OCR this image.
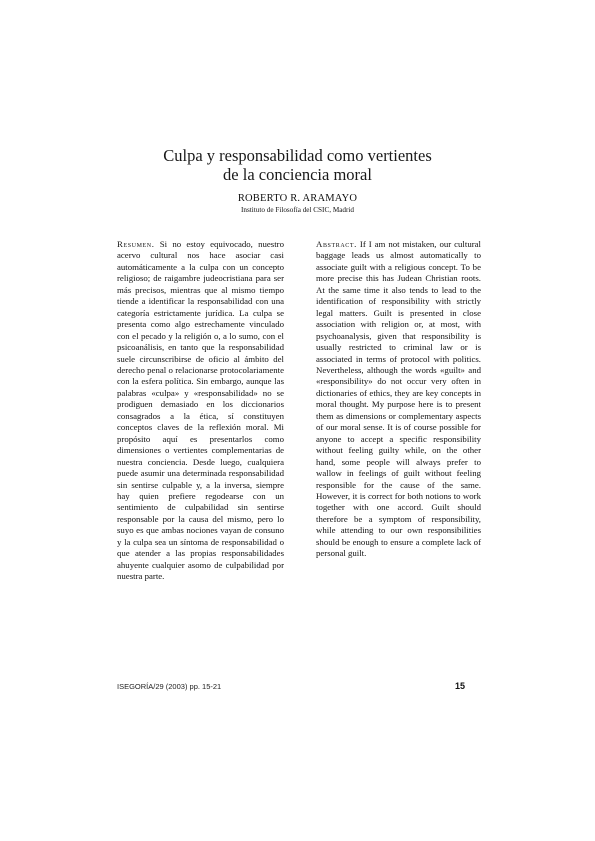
Culpa y responsabilidad como vertientes
de la conciencia moral
ROBERTO R. ARAMAYO
Instituto de Filosofía del CSIC, Madrid
Resumen. Si no estoy equivocado, nuestro acervo cultural nos hace asociar casi automáticamente a la culpa con un concepto religioso; de raigambre judeocristiana para ser más precisos, mientras que al mismo tiempo tiende a identificar la responsabilidad con una categoría estrictamente jurídica. La culpa se presenta como algo estrechamente vinculado con el pecado y la religión o, a lo sumo, con el psicoanálisis, en tanto que la responsabilidad suele circunscribirse de oficio al ámbito del derecho penal o relacionarse protocolariamente con la esfera política. Sin embargo, aunque las palabras «culpa» y «responsabilidad» no se prodiguen demasiado en los diccionarios consagrados a la ética, sí constituyen conceptos claves de la reflexión moral. Mi propósito aquí es presentarlos como dimensiones o vertientes complementarias de nuestra conciencia. Desde luego, cualquiera puede asumir una determinada responsabilidad sin sentirse culpable y, a la inversa, siempre hay quien prefiere regodearse con un sentimiento de culpabilidad sin sentirse responsable por la causa del mismo, pero lo suyo es que ambas nociones vayan de consuno y la culpa sea un síntoma de responsabilidad o que atender a las propias responsabilidades ahuyente cualquier asomo de culpabilidad por nuestra parte.
Abstract. If I am not mistaken, our cultural baggage leads us almost automatically to associate guilt with a religious concept. To be more precise this has Judean Christian roots. At the same time it also tends to lead to the identification of responsibility with strictly legal matters. Guilt is presented in close association with religion or, at most, with psychoanalysis, given that responsibility is usually restricted to criminal law or is associated in terms of protocol with politics. Nevertheless, although the words «guilt» and «responsibility» do not occur very often in dictionaries of ethics, they are key concepts in moral thought. My purpose here is to present them as dimensions or complementary aspects of our moral sense. It is of course possible for anyone to accept a specific responsibility without feeling guilty while, on the other hand, some people will always prefer to wallow in feelings of guilt without feeling responsible for the cause of the same. However, it is correct for both notions to work together with one accord. Guilt should therefore be a symptom of responsibility, while attending to our own responsibilities should be enough to ensure a complete lack of personal guilt.
ISEGORÍA/29 (2003) pp. 15-21	15
